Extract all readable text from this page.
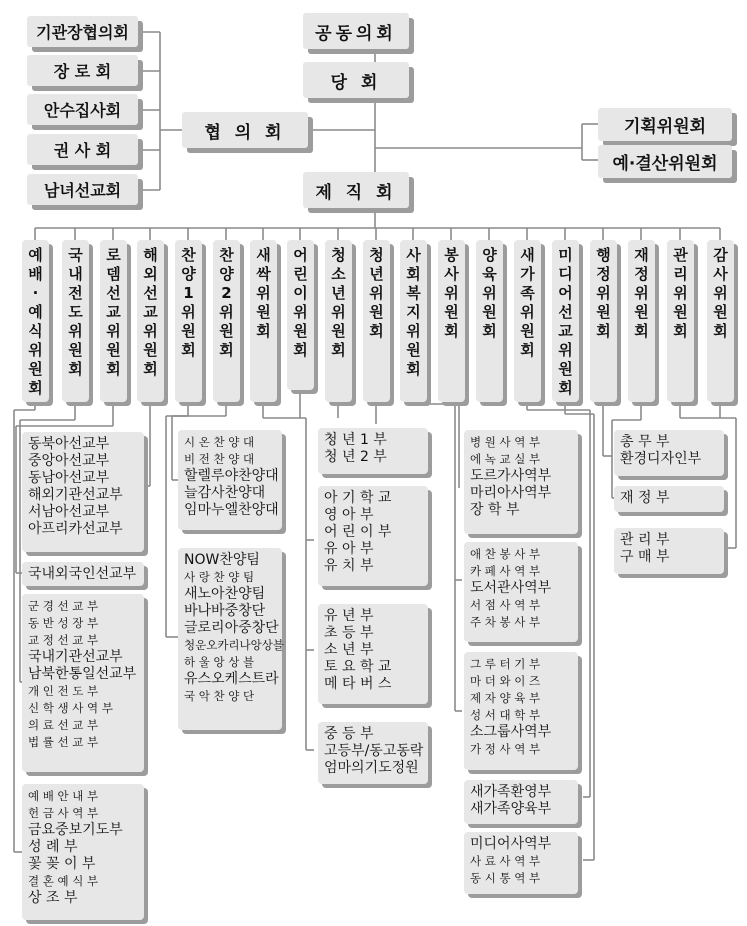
공동의회
당 회
협 의 회
제 직 회
기관장협의회
장 로 회
안수집사회
권 사 회
남녀선교회
기획위원회
예·결산위원회
예
배
·
예
식
위
원
회
국
내
전
도
위
원
회
로
뎀
선
교
위
원
회
해
외
선
교
위
원
회
찬
양
1
위
원
회
찬
양
2
위
원
회
새
싹
위
원
회
어
린
이
위
원
회
청
소
년
위
원
회
청
년
위
원
회
사
회
복
지
위
원
회
봉
사
위
원
회
양
육
위
원
회
새
가
족
위
원
회
미
디
어
선
교
위
원
회
행
정
위
원
회
재
정
위
원
회
관
리
위
원
회
감
사
위
원
회
동북아선교부
중앙아선교부
동남아선교부
해외기관선교부
서남아선교부
아프리카선교부
국내외국인선교부
군 경 선 교 부
동 반 성 장 부
교 정 선 교 부
국내기관선교부
남북한통일선교부
개 인 전 도 부
신 학 생 사 역 부
의 료 선 교 부
법 률 선 교 부
예 배 안 내 부
헌 금 사 역 부
금요중보기도부
성 례 부
꽃 꽂 이 부
결 혼 예 식 부
상 조 부
시 온 찬 양 대
비 전 찬 양 대
할렐루야찬양대
늘감사찬양대
임마누엘찬양대
NOW찬양팀
사 랑 찬 양 팀
새노아찬양팀
바나바중창단
글로리아중창단
청운오카리나앙상블
하 울 앙 상 블
유스오케스트라
국 악 찬 양 단
청 년 1 부
청 년 2 부
아 기 학 교
영 아 부
어 린 이 부
유 아 부
유 치 부
유 년 부
초 등 부
소 년 부
토 요 학 교
메 타 버 스
중 등 부
고등부/동고동락
엄마의기도정원
병 원 사 역 부
에 녹 교 실 부
도르가사역부
마리아사역부
장 학 부
애 찬 봉 사 부
카 페 사 역 부
도서관사역부
서 점 사 역 부
주 차 봉 사 부
그 루 터 기 부
마 더 와 이 즈
제 자 양 육 부
성 서 대 학 부
소그룹사역부
가 정 사 역 부
새가족환영부
새가족양육부
미디어사역부
사 료 사 역 부
동 시 통 역 부
총 무 부
환경디자인부
재 정 부
관 리 부
구 매 부
